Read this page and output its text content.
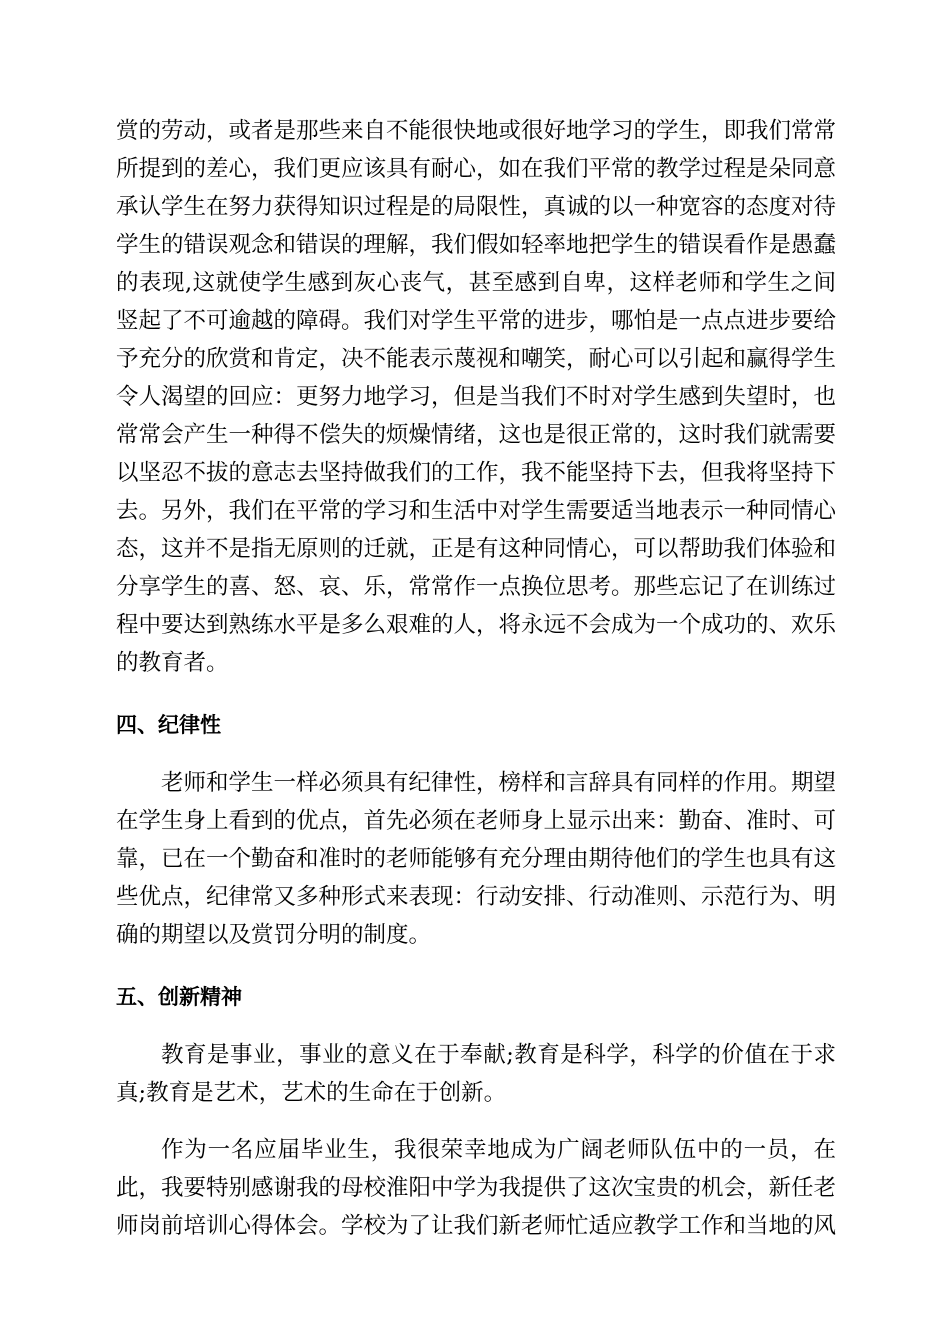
赏的劳动，或者是那些来自不能很快地或很好地学习的学生，即我们常常所提到的差心，我们更应该具有耐心，如在我们平常的教学过程是朵同意承认学生在努力获得知识过程是的局限性，真诚的以一种宽容的态度对待学生的错误观念和错误的理解，我们假如轻率地把学生的错误看作是愚蠢的表现,这就使学生感到灰心丧气，甚至感到自卑，这样老师和学生之间竖起了不可逾越的障碍。我们对学生平常的进步，哪怕是一点点进步要给予充分的欣赏和肯定，决不能表示蔑视和嘲笑，耐心可以引起和赢得学生令人渴望的回应：更努力地学习，但是当我们不时对学生感到失望时，也常常会产生一种得不偿失的烦燥情绪，这也是很正常的，这时我们就需要以坚忍不拔的意志去坚持做我们的工作，我不能坚持下去，但我将坚持下去。另外，我们在平常的学习和生活中对学生需要适当地表示一种同情心态，这并不是指无原则的迁就，正是有这种同情心，可以帮助我们体验和分享学生的喜、怒、哀、乐，常常作一点换位思考。那些忘记了在训练过程中要达到熟练水平是多么艰难的人，将永远不会成为一个成功的、欢乐的教育者。

四、纪律性

老师和学生一样必须具有纪律性，榜样和言辞具有同样的作用。期望在学生身上看到的优点，首先必须在老师身上显示出来：勤奋、准时、可靠，已在一个勤奋和准时的老师能够有充分理由期待他们的学生也具有这些优点，纪律常又多种形式来表现：行动安排、行动准则、示范行为、明确的期望以及赏罚分明的制度。

五、创新精神

教育是事业，事业的意义在于奉献;教育是科学，科学的价值在于求真;教育是艺术，艺术的生命在于创新。

作为一名应届毕业生，我很荣幸地成为广阔老师队伍中的一员，在此，我要特别感谢我的母校淮阳中学为我提供了这次宝贵的机会，新任老师岗前培训心得体会。学校为了让我们新老师忙适应教学工作和当地的风
